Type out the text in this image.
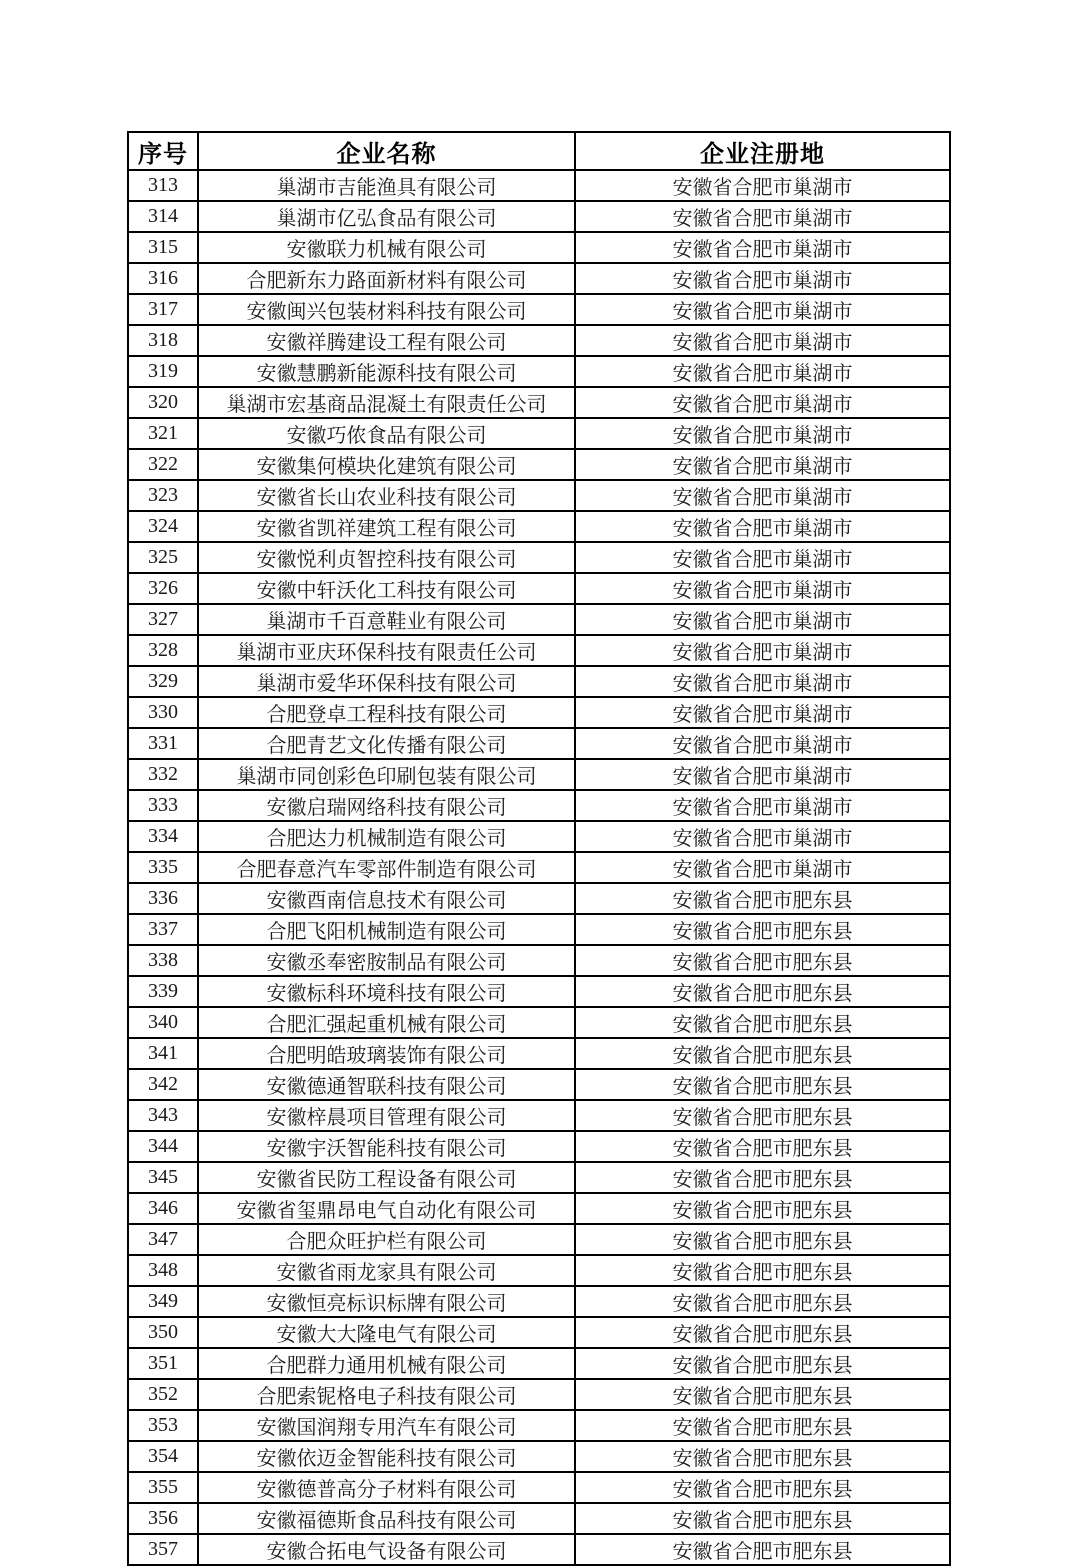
序号	企业名称	企业注册地
313	巢湖市吉能渔具有限公司	安徽省合肥市巢湖市
314	巢湖市亿弘食品有限公司	安徽省合肥市巢湖市
315	安徽联力机械有限公司	安徽省合肥市巢湖市
316	合肥新东力路面新材料有限公司	安徽省合肥市巢湖市
317	安徽闽兴包装材料科技有限公司	安徽省合肥市巢湖市
318	安徽祥腾建设工程有限公司	安徽省合肥市巢湖市
319	安徽慧鹏新能源科技有限公司	安徽省合肥市巢湖市
320	巢湖市宏基商品混凝土有限责任公司	安徽省合肥市巢湖市
321	安徽巧侬食品有限公司	安徽省合肥市巢湖市
322	安徽集何模块化建筑有限公司	安徽省合肥市巢湖市
323	安徽省长山农业科技有限公司	安徽省合肥市巢湖市
324	安徽省凯祥建筑工程有限公司	安徽省合肥市巢湖市
325	安徽悦利贞智控科技有限公司	安徽省合肥市巢湖市
326	安徽中轩沃化工科技有限公司	安徽省合肥市巢湖市
327	巢湖市千百意鞋业有限公司	安徽省合肥市巢湖市
328	巢湖市亚庆环保科技有限责任公司	安徽省合肥市巢湖市
329	巢湖市爱华环保科技有限公司	安徽省合肥市巢湖市
330	合肥登卓工程科技有限公司	安徽省合肥市巢湖市
331	合肥青艺文化传播有限公司	安徽省合肥市巢湖市
332	巢湖市同创彩色印刷包装有限公司	安徽省合肥市巢湖市
333	安徽启瑞网络科技有限公司	安徽省合肥市巢湖市
334	合肥达力机械制造有限公司	安徽省合肥市巢湖市
335	合肥春意汽车零部件制造有限公司	安徽省合肥市巢湖市
336	安徽酉南信息技术有限公司	安徽省合肥市肥东县
337	合肥飞阳机械制造有限公司	安徽省合肥市肥东县
338	安徽丞奉密胺制品有限公司	安徽省合肥市肥东县
339	安徽标科环境科技有限公司	安徽省合肥市肥东县
340	合肥汇强起重机械有限公司	安徽省合肥市肥东县
341	合肥明皓玻璃装饰有限公司	安徽省合肥市肥东县
342	安徽德通智联科技有限公司	安徽省合肥市肥东县
343	安徽梓晨项目管理有限公司	安徽省合肥市肥东县
344	安徽宇沃智能科技有限公司	安徽省合肥市肥东县
345	安徽省民防工程设备有限公司	安徽省合肥市肥东县
346	安徽省玺鼎昂电气自动化有限公司	安徽省合肥市肥东县
347	合肥众旺护栏有限公司	安徽省合肥市肥东县
348	安徽省雨龙家具有限公司	安徽省合肥市肥东县
349	安徽恒亮标识标牌有限公司	安徽省合肥市肥东县
350	安徽大大隆电气有限公司	安徽省合肥市肥东县
351	合肥群力通用机械有限公司	安徽省合肥市肥东县
352	合肥索铌格电子科技有限公司	安徽省合肥市肥东县
353	安徽国润翔专用汽车有限公司	安徽省合肥市肥东县
354	安徽依迈金智能科技有限公司	安徽省合肥市肥东县
355	安徽德普高分子材料有限公司	安徽省合肥市肥东县
356	安徽福德斯食品科技有限公司	安徽省合肥市肥东县
357	安徽合拓电气设备有限公司	安徽省合肥市肥东县
